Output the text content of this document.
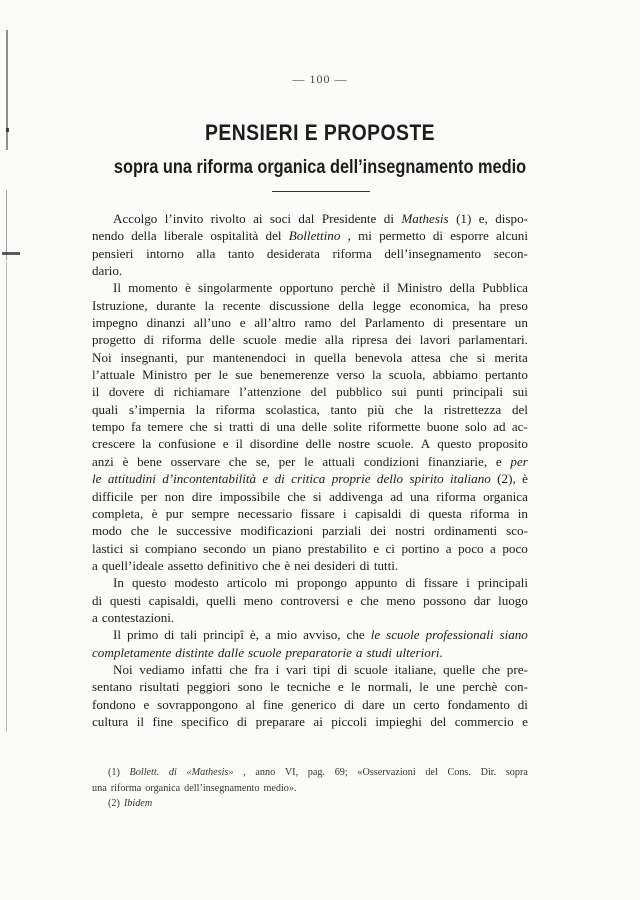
— 100 —
PENSIERI E PROPOSTE
sopra una riforma organica dell’insegnamento medio
Accolgo l’invito rivolto ai soci dal Presidente di Mathesis (1) e, dispo-
nendo della liberale ospitalità del Bollettino , mi permetto di esporre alcuni
pensieri intorno alla tanto desiderata riforma dell’insegnamento secon-
dario.
Il momento è singolarmente opportuno perchè il Ministro della Pubblica
Istruzione, durante la recente discussione della legge economica, ha preso
impegno dinanzi all’uno e all’altro ramo del Parlamento di presentare un
progetto di riforma delle scuole medie alla ripresa dei lavori parlamentari.
Noi insegnanti, pur mantenendoci in quella benevola attesa che si merita
l’attuale Ministro per le sue benemerenze verso la scuola, abbiamo pertanto
il dovere di richiamare l’attenzione del pubblico sui punti principali sui
quali s’impernia la riforma scolastica, tanto più che la ristrettezza del
tempo fa temere che si tratti di una delle solite riformette buone solo ad ac-
crescere la confusione e il disordine delle nostre scuole. A questo proposito
anzi è bene osservare che se, per le attuali condizioni finanziarie, e per
le attitudini d’incontentabilità e di critica proprie dello spirito italiano (2), è
difficile per non dire impossibile che si addivenga ad una riforma organica
completa, è pur sempre necessario fissare i capisaldi di questa riforma in
modo che le successive modificazioni parziali dei nostri ordinamenti sco-
lastici si compiano secondo un piano prestabilito e ci portino a poco a poco
a quell’ideale assetto definitivo che è nei desideri di tutti.
In questo modesto articolo mi propongo appunto di fissare i principali
di questi capisaldi, quelli meno controversi e che meno possono dar luogo
a contestazioni.
Il primo di tali principî è, a mio avviso, che le scuole professionali siano
completamente distinte dalle scuole preparatorie a studi ulteriori.
Noi vediamo infatti che fra i vari tipi di scuole italiane, quelle che pre-
sentano risultati peggiori sono le tecniche e le normali, le une perchè con-
fondono e sovrappongono al fine generico di dare un certo fondamento di
cultura il fine specifico di preparare ai piccoli impieghi del commercio e
(1) Bollett. di «Mathesis» , anno VI, pag. 69; «Osservazioni del Cons. Dir. sopra
una riforma organica dell’insegnamento medio».
(2) Ibidem
